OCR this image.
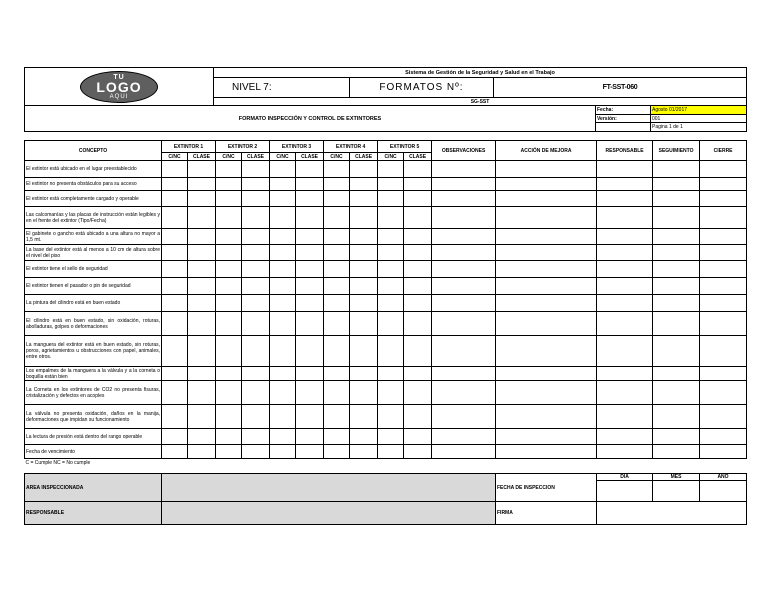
TU
LOGO
AQUI	Sistema de Gestión de la Seguridad y Salud en el Trabajo				
	NIVEL 7:	FORMATOS Nº:	FT-SST-060		
	SG-SST				
FORMATO INSPECCIÓN Y CONTROL DE EXTINTORES				Fecha:	Agosto 01/2017
				Versión:	001
					Pagina 1 de 1
CONCEPTO	EXTINTOR 1		EXTINTOR 2		EXTINTOR 3		EXTINTOR 4		EXTINTOR 5		OBSERVACIONES	ACCIÓN DE MEJORA	RESPONSABLE	SEGUIMIENTO	CIERRE
	C/NC	CLASE	C/NC	CLASE	C/NC	CLASE	C/NC	CLASE	C/NC	CLASE					
El extintor está ubicado en el lugar preestablecido															
El extintor no presenta obstáculos para su acceso															
El extintor está completamente cargado y operable															
Las calcomanías y las placas de instrucción están legibles y en el frente del extintor (Tipo/Fecha)															
El gabinete o gancho está ubicado a una altura no mayor a 1,5 mt.															
La base del extintor está al menos a 10 cm de altura sobre el nivel del piso															
El extintor tiene el sello de seguridad															
El extintor tienen el pasador o pin de seguridad															
La pintura del cilindro está en buen estado															
El cilindro está en buen estado, sin oxidación, roturas, abolladuras, golpes o deformaciones															
La manguera del extintor está en buen estado, sin roturas, poros, agrietamientos u obstrucciones con papel, animales, entre otros.															
Los empalmes de la manguera a la válvula y a la corneta o boquilla están bien															
La Corneta en los extintores de CO2 no presenta fisuras, cristalización y defectos en acoples															
La válvula no presenta oxidación, daños en la manija, deformaciones que impidan su funcionamiento															
La lectura de presión está dentro del rango operable															
Fecha de vencimiento															
C = Cumple NC = No cumple															
AREA INSPECCIONADA		FECHA DE INSPECCION	DIA	MES	AÑO

RESPONSABLE		FIRMA			
